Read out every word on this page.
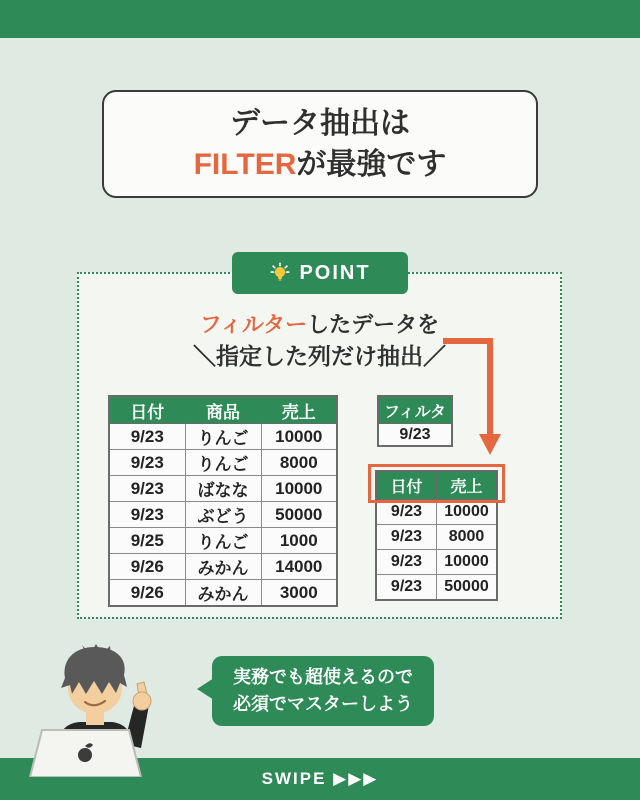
データ抽出は
FILTERが最強です
POINT
フィルターしたデータを
＼指定した列だけ抽出／
日付	商品	売上
9/23	りんご	10000
9/23	りんご	8000
9/23	ばなな	10000
9/23	ぶどう	50000
9/25	りんご	1000
9/26	みかん	14000
9/26	みかん	3000
フィルタ
9/23
日付	売上
9/23	10000
9/23	8000
9/23	10000
9/23	50000
実務でも超使えるので
必須でマスターしよう
SWIPE ▶▶▶
